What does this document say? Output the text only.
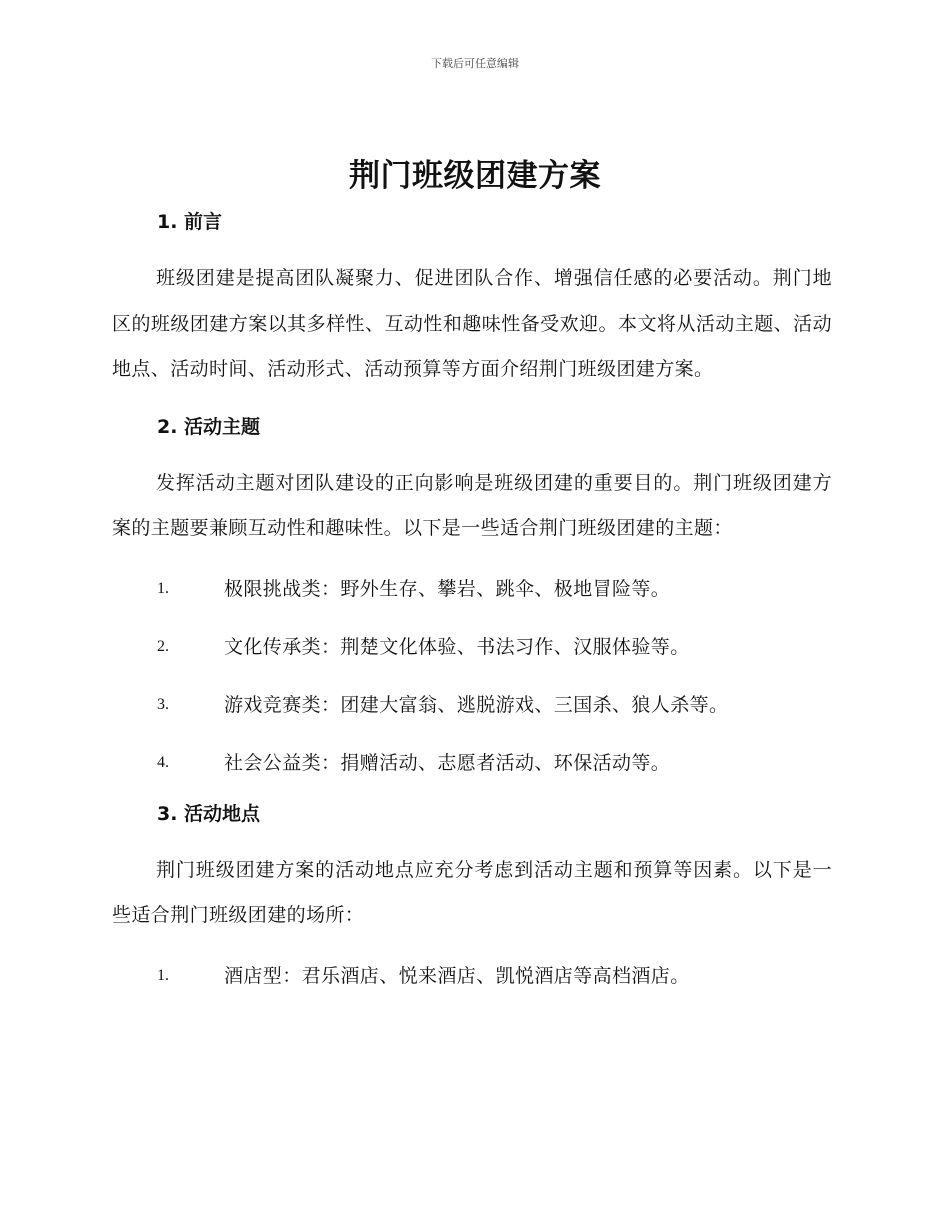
下载后可任意编辑
荆门班级团建方案
1. 前言

班级团建是提高团队凝聚力、促进团队合作、增强信任感的必要活动。荆门地区的班级团建方案以其多样性、互动性和趣味性备受欢迎。本文将从活动主题、活动地点、活动时间、活动形式、活动预算等方面介绍荆门班级团建方案。

2. 活动主题

发挥活动主题对团队建设的正向影响是班级团建的重要目的。荆门班级团建方案的主题要兼顾互动性和趣味性。以下是一些适合荆门班级团建的主题：

1.	极限挑战类：野外生存、攀岩、跳伞、极地冒险等。
2.	文化传承类：荆楚文化体验、书法习作、汉服体验等。
3.	游戏竞赛类：团建大富翁、逃脱游戏、三国杀、狼人杀等。
4.	社会公益类：捐赠活动、志愿者活动、环保活动等。
3. 活动地点

荆门班级团建方案的活动地点应充分考虑到活动主题和预算等因素。以下是一些适合荆门班级团建的场所：

1.	酒店型：君乐酒店、悦来酒店、凯悦酒店等高档酒店。
